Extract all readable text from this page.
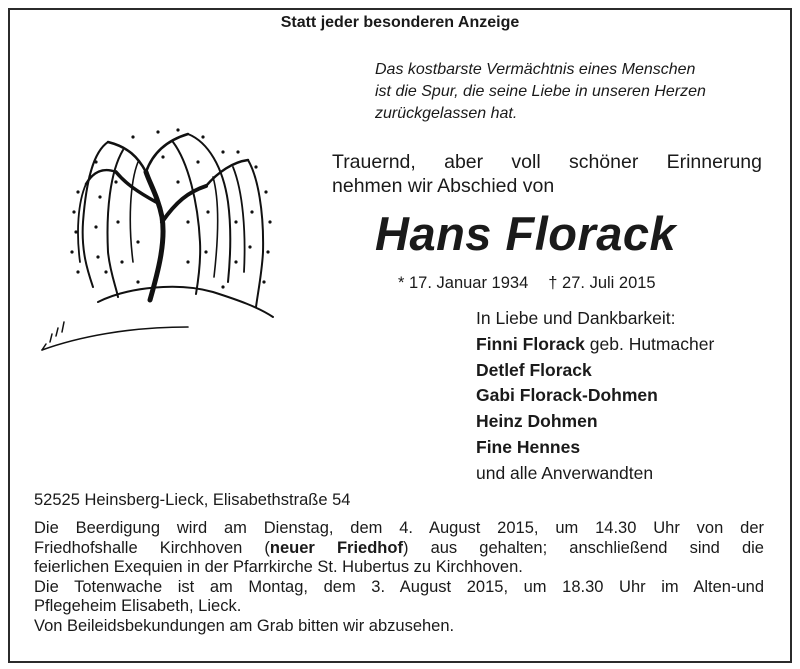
Statt jeder besonderen Anzeige
Das kostbarste Vermächtnis eines Menschen
ist die Spur, die seine Liebe in unseren Herzen
zurückgelassen hat.
Trauernd, aber voll schöner Erinnerung
nehmen wir Abschied von
Hans Florack
* 17. Januar 1934 † 27. Juli 2015
In Liebe und Dankbarkeit:
Finni Florack geb. Hutmacher
Detlef Florack
Gabi Florack-Dohmen
Heinz Dohmen
Fine Hennes
und alle Anverwandten
52525 Heinsberg-Lieck, Elisabethstraße 54
Die Beerdigung wird am Dienstag, dem 4. August 2015, um 14.30 Uhr von der
Friedhofshalle Kirchhoven (neuer Friedhof) aus gehalten; anschließend sind die
feierlichen Exequien in der Pfarrkirche St. Hubertus zu Kirchhoven.
Die Totenwache ist am Montag, dem 3. August 2015, um 18.30 Uhr im Alten-und
Pflegeheim Elisabeth, Lieck.
Von Beileidsbekundungen am Grab bitten wir abzusehen.
